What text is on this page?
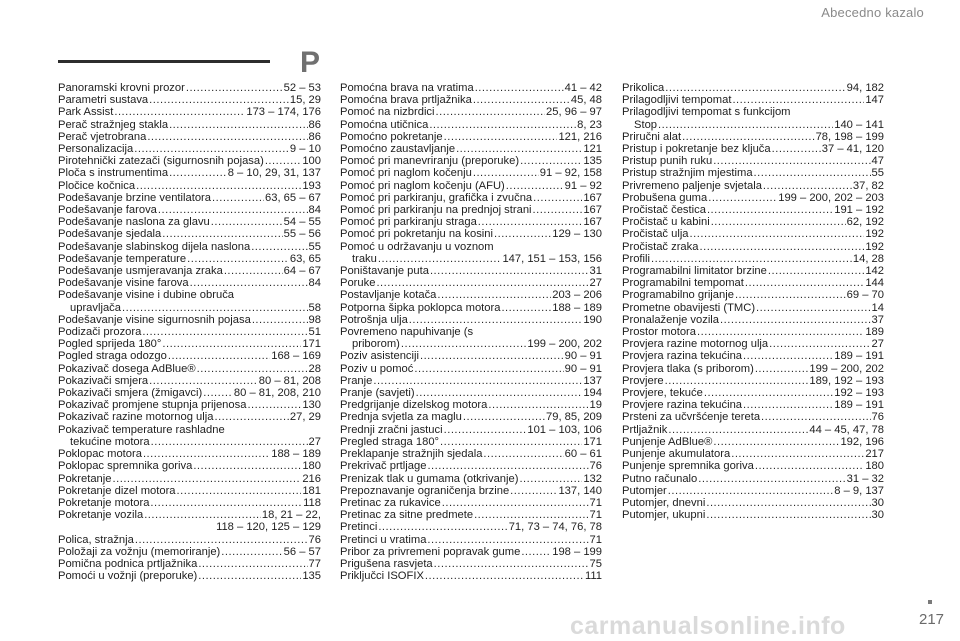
Abecedno kazalo
P
Panoramski krovni prozor .....	52 – 53
Parametri sustava .....	15, 29
Park Assist .....	173 – 174, 176
Perač stražnjeg stakla .....	86
Perač vjetrobrana .....	86
Personalizacija .....	9 – 10
Pirotehnički zatezači (sigurnosnih pojasa) .....	100
Ploča s instrumentima .....	8 – 10, 29, 31, 137
Pločice kočnica .....	193
Podešavanje brzine ventilatora .....	63, 65 – 67
Podešavanje farova .....	84
Podešavanje naslona za glavu .....	54 – 55
Podešavanje sjedala .....	55 – 56
Podešavanje slabinskog dijela naslona .....	55
Podešavanje temperature .....	63, 65
Podešavanje usmjeravanja zraka .....	64 – 67
Podešavanje visine farova .....	84
Podešavanje visine i dubine obruča
upravljača .....	58
Podešavanje visine sigurnosnih pojasa .....	98
Podizači prozora .....	51
Pogled sprijeda 180° .....	171
Pogled straga odozgo .....	168 – 169
Pokazivač dosega AdBlue® .....	28
Pokazivači smjera .....	80 – 81, 208
Pokazivači smjera (žmigavci) .....	80 – 81, 208, 210
Pokazivač promjene stupnja prijenosa .....	130
Pokazivač razine motornog ulja .....	27, 29
Pokazivač temperature rashladne
tekućine motora .....	27
Poklopac motora .....	188 – 189
Poklopac spremnika goriva .....	180
Pokretanje .....	216
Pokretanje dizel motora .....	181
Pokretanje motora .....	118
Pokretanje vozila .....	18, 21 – 22,
118 – 120, 125 – 129
Polica, stražnja .....	76
Položaji za vožnju (memoriranje) .....	56 – 57
Pomična podnica prtljažnika .....	77
Pomoći u vožnji (preporuke) .....	135
Pomoćna brava na vratima .....	41 – 42
Pomoćna brava prtljažnika .....	45, 48
Pomoć na nizbrdici .....	25, 96 – 97
Pomoćna utičnica .....	8, 23
Pomoćno pokretanje .....	121, 216
Pomoćno zaustavljanje .....	121
Pomoć pri manevriranju (preporuke) .....	135
Pomoć pri naglom kočenju .....	91 – 92, 158
Pomoć pri naglom kočenju (AFU) .....	91 – 92
Pomoć pri parkiranju, grafička i zvučna .....	167
Pomoć pri parkiranju na prednjoj strani .....	167
Pomoć pri parkiranju straga .....	167
Pomoć pri pokretanju na kosini .....	129 – 130
Pomoć u održavanju u voznom
traku .....	147, 151 – 153, 156
Poništavanje puta .....	31
Poruke .....	27
Postavljanje kotača .....	203 – 206
Potporna šipka poklopca motora .....	188 – 189
Potrošnja ulja .....	190
Povremeno napuhivanje (s
priborom) .....	199 – 200, 202
Poziv asistenciji .....	90 – 91
Poziv u pomoć .....	90 – 91
Pranje .....	137
Pranje (savjeti) .....	194
Predgrijanje dizelskog motora .....	19
Prednja svjetla za maglu .....	79, 85, 209
Prednji zračni jastuci .....	101 – 103, 106
Pregled straga 180° .....	171
Preklapanje stražnjih sjedala .....	60 – 61
Prekrivač prtljage .....	76
Prenizak tlak u gumama (otkrivanje) .....	132
Prepoznavanje ograničenja brzine .....	137, 140
Pretinac za rukavice .....	71
Pretinac za sitne predmete .....	71
Pretinci .....	71, 73 – 74, 76, 78
Pretinci u vratima .....	71
Pribor za privremeni popravak gume .....	198 – 199
Prigušena rasvjeta .....	75
Priključci ISOFIX .....	111
Prikolica .....	94, 182
Prilagodljivi tempomat .....	147
Prilagodljivi tempomat s funkcijom
Stop .....	140 – 141
Priručni alat .....	78, 198 – 199
Pristup i pokretanje bez ključa .....	37 – 41, 120
Pristup punih ruku .....	47
Pristup stražnjim mjestima .....	55
Privremeno paljenje svjetala .....	37, 82
Probušena guma .....	199 – 200, 202 – 203
Pročistač čestica .....	191 – 192
Pročistač u kabini .....	62, 192
Pročistač ulja .....	192
Pročistač zraka .....	192
Profili .....	14, 28
Programabilni limitator brzine .....	142
Programabilni tempomat .....	144
Programabilno grijanje .....	69 – 70
Prometne obavijesti (TMC) .....	14
Pronalaženje vozila .....	37
Prostor motora .....	189
Provjera razine motornog ulja .....	27
Provjera razina tekućina .....	189 – 191
Provjera tlaka (s priborom) .....	199 – 200, 202
Provjere .....	189, 192 – 193
Provjere, tekuće .....	192 – 193
Provjere razina tekućina .....	189 – 191
Prsteni za učvršćenje tereta .....	76
Prtljažnik .....	44 – 45, 47, 78
Punjenje AdBlue® .....	192, 196
Punjenje akumulatora .....	217
Punjenje spremnika goriva .....	180
Putno računalo .....	31 – 32
Putomjer .....	8 – 9, 137
Putomjer, dnevni .....	30
Putomjer, ukupni .....	30
carmanualsonline.info	217
